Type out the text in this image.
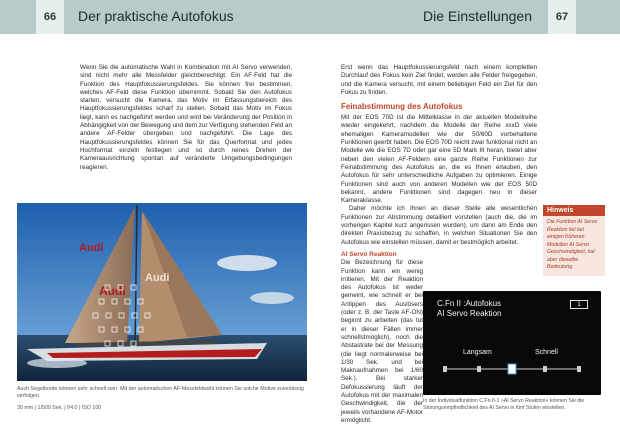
66	Der praktische Autofokus	Die Einstellungen	67

Wenn Sie die automatische Wahl in Kombination mit AI Servo verwenden, sind nicht mehr alle Messfelder gleichberechtigt. Ein AF-Feld hat die Funktion des Hauptfokussierungsfeldes. Sie können frei bestimmen, welches AF-Feld diese Funktion übernimmt. Sobald Sie den Autofokus starten, versucht die Kamera, das Motiv im Erfassungsbereich des Hauptfokussierungsfeldes scharf zu stellen. Sobald das Motiv im Fokus liegt, kann es nachgeführt werden und wird bei Veränderung der Position in Abhängigkeit von der Bewegung und dem zur Verfügung stehenden Feld an andere AF-Felder übergeben und nachgeführt. Die Lage des Hauptfokussierungsfeldes können Sie für das Querformat und jedes Hochformat einzeln festlegen und so durch reines Drehen der Kameraausrichtung spontan auf veränderte Umgebungsbedingungen reagieren.

Audi
Audi
Audi
Auch Segelboote können sehr schnell sein. Mit der automatischen AF-Messfeldwahl können Sie solche Motive zuverlässig verfolgen.
30 mm | 1/500 Sek. | f/4.0 | ISO 100

Erst wenn das Hauptfokussierungsfeld nach einem kompletten Durchlauf des Fokus kein Ziel findet, werden alle Felder freigegeben, und die Kamera versucht, mit einem beliebigen Feld ein Ziel für den Fokus zu finden.

Feinabstimmung des Autofokus

Mit der EOS 70D ist die Mittelklasse in der aktuellen Modellreihe wieder eingekehrt, nachdem die Modelle der Reihe xxxD viele ehemaligen Kameramodellen wie der 50/60D vorbehaltene Funktionen geerbt haben. Die EOS 70D reicht zwar funktional nicht an Modelle wie die EOS 7D oder gar eine 5D Mark III heran, bietet aber neben den vielen AF-Feldern eine ganze Reihe Funktionen zur Feinabstimmung des Autofokus an, die es Ihnen erlauben, den Autofokus für sehr unterschiedliche Aufgaben zu optimieren. Einige Funktionen sind auch von anderen Modellen wie der EOS 50D bekannt, andere Funktionen sind dagegen neu in dieser Kameraklasse.

Daher möchte ich Ihnen an dieser Stelle alle wesentlichen Funktionen zur Abstimmung detailliert vorstellen (auch die, die im vorherigen Kapitel kurz angerissen wurden), um dann am Ende den direkten Praxisbezug zu schaffen, in welchen Situationen Sie den Autofokus wie einstellen müssen, damit er bestmöglich arbeitet.

AI Servo Reaktion

Die Bezeichnung für diese Funktion kann ein wenig irritieren. Mit der Reaktion des Autofokus ist weder gemeint, wie schnell er bei Antippen des Auslösers (oder z. B. der Taste AF-ON) beginnt zu arbeiten (das tut er in dieser Fällen immer schnellstmöglich), noch die Abstastrate bei der Messung (die liegt normalerweise bei 1/30 Sek. und bei Maknaufnahmen bei 1/60 Sek.). Bei starker Defokussierung läuft der Autofokus mit der maximalen Geschwindigkeit, die der jeweils vorhandene AF-Motor ermöglicht.

Hinweis
Die Funktion AI Servo Reaktion fiel bei einigen früheren Modellen AI Servo Geschwindigkeit, hat aber dieselbe Bedeutung.
C.Fn II :Autofokus
AI Servo Reaktion
1
Langsam	Schnell
In der Individualfunktion C.Fn II-1 »AI Servo Reaktion« können Sie die Störungsempfindlichkeit des AI Servo in fünf Stufen einstellen.
